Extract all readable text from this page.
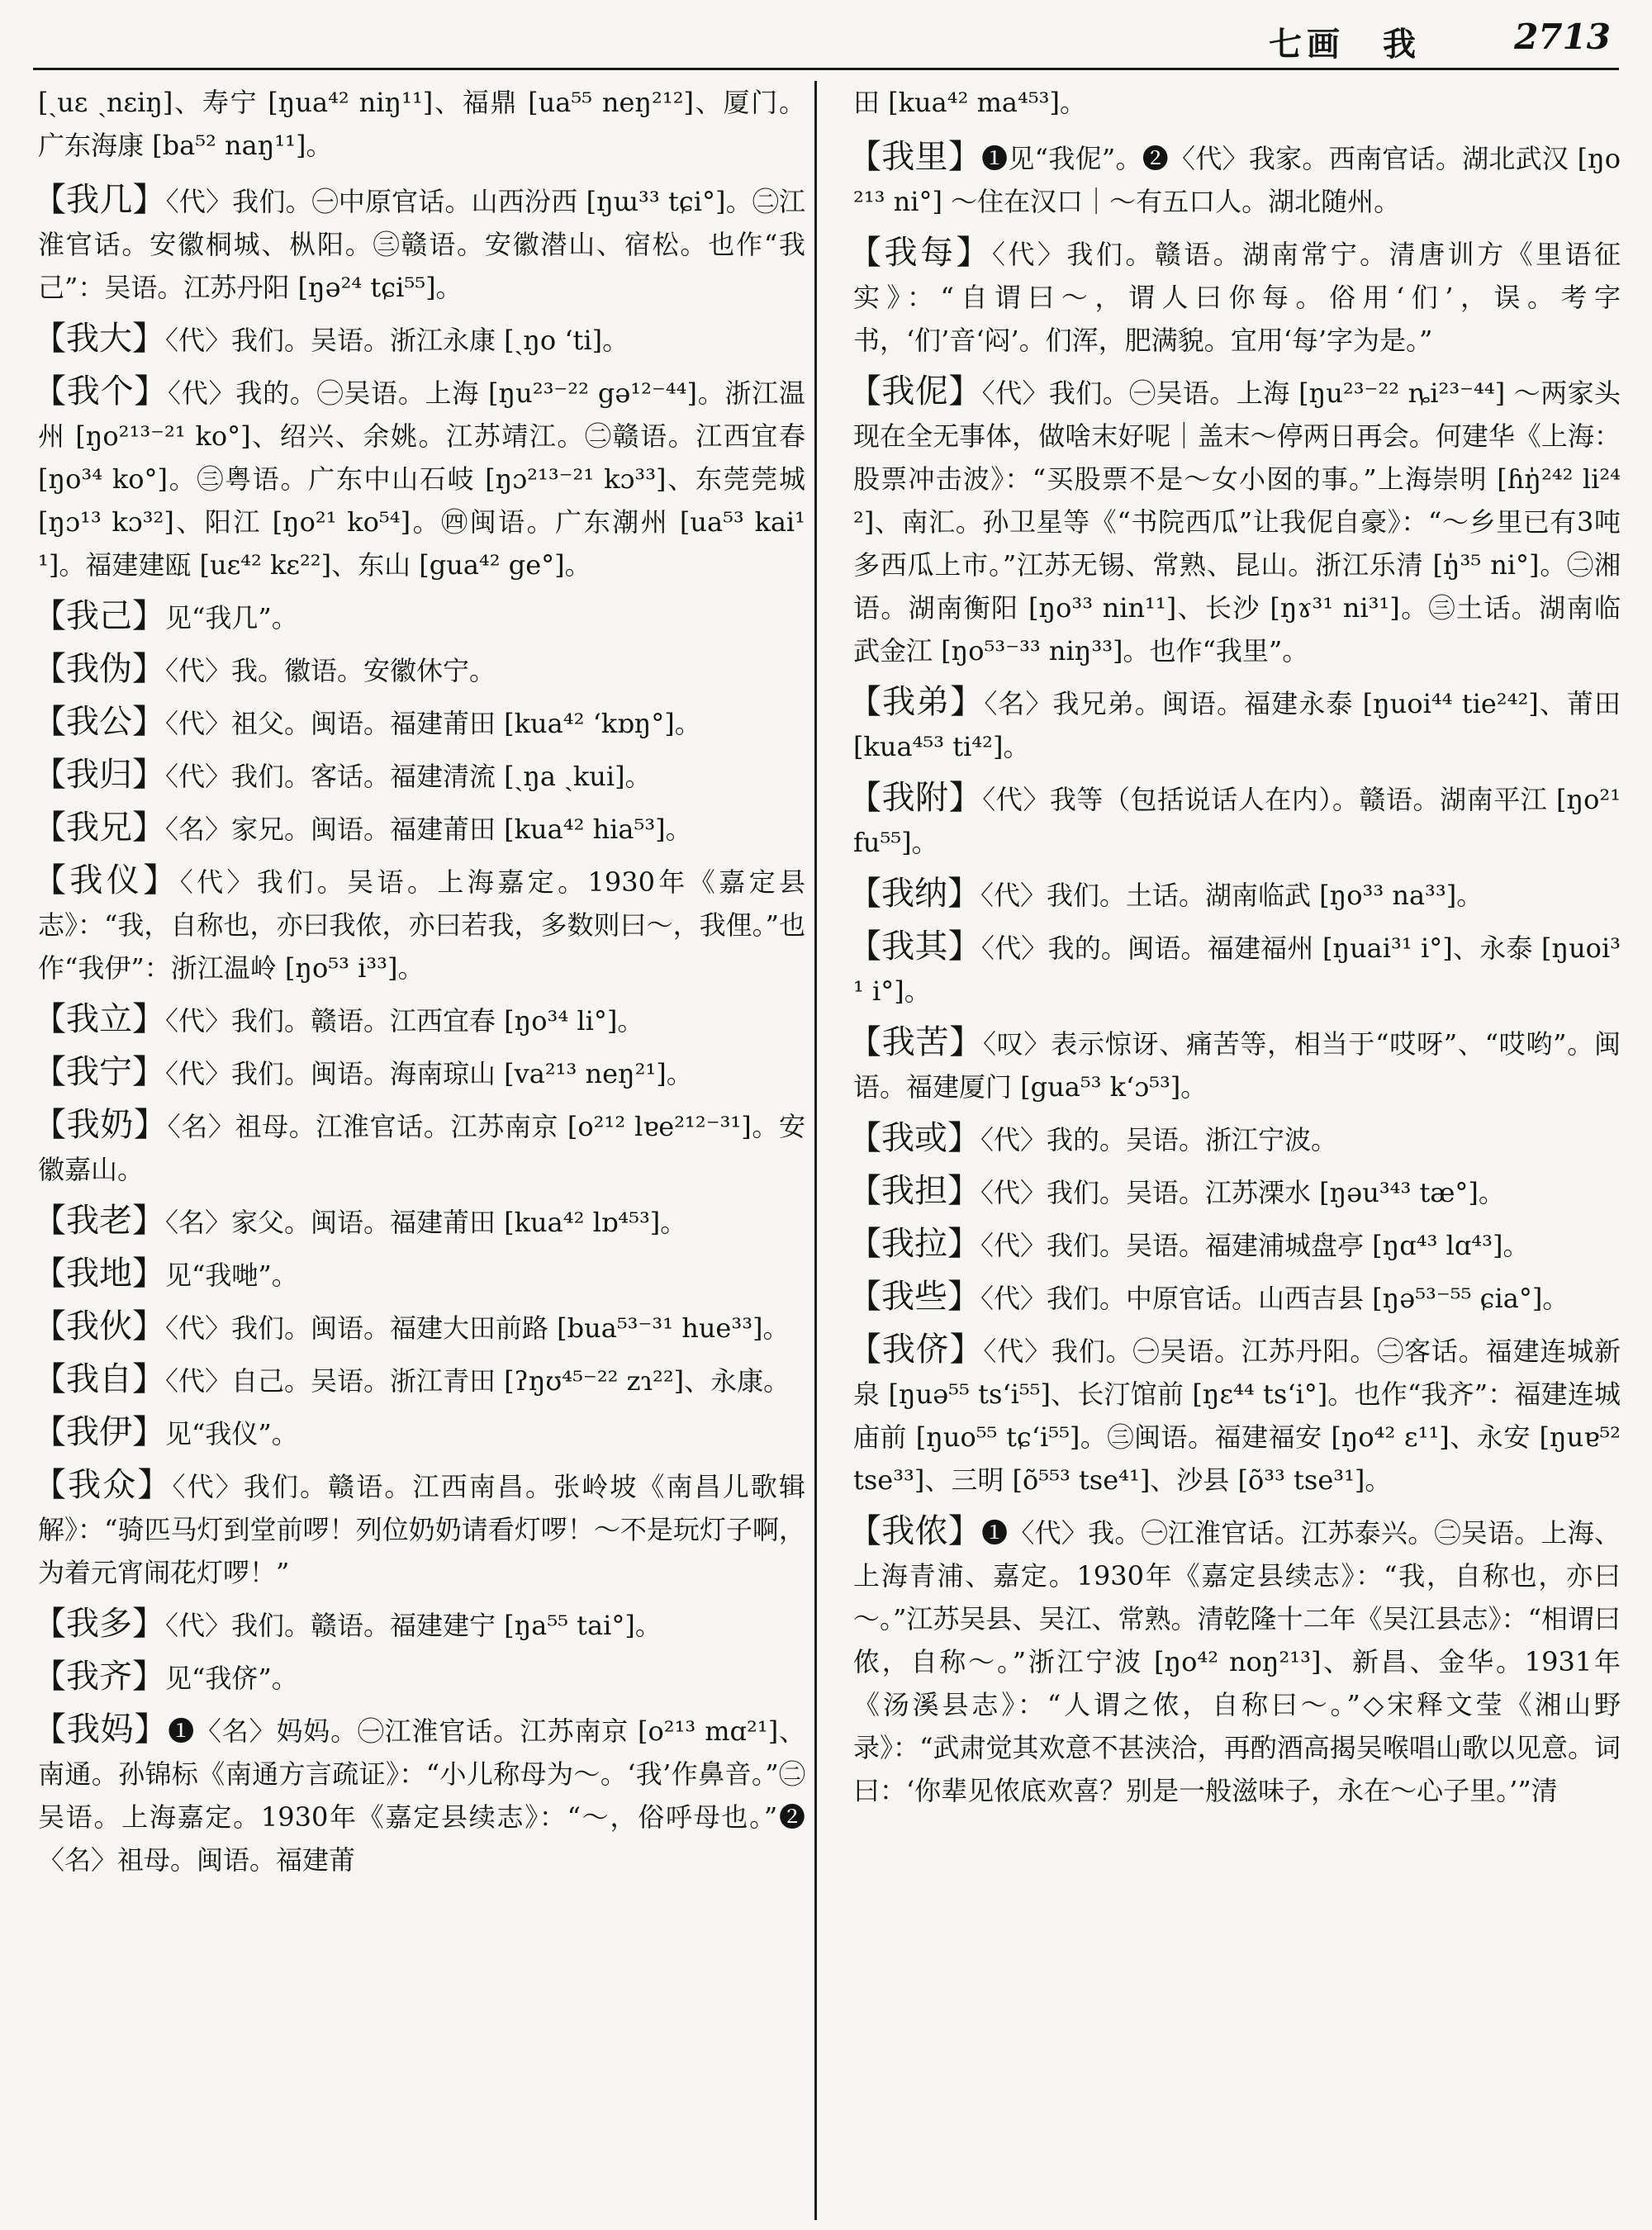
七画　我	2713

[ˏuɛ ˏnɛiŋ]、寿宁 [ŋua⁴² niŋ¹¹]、福鼎 [ua⁵⁵ neŋ²¹²]、厦门。广东海康 [ba⁵² naŋ¹¹]。

【 我几 】 〈代〉我们。㊀中原官话。山西汾西 [ŋɯ³³ tɕi°]。㊁江淮官话。安徽桐城、枞阳。㊂赣语。安徽潜山、宿松。也作“我己”：吴语。江苏丹阳 [ŋə²⁴ tɕi⁵⁵]。

【 我大 】 〈代〉我们。吴语。浙江永康 [ˏŋo ʻti]。

【 我个 】 〈代〉我的。㊀吴语。上海 [ŋu²³⁻²² gə¹²⁻⁴⁴]。浙江温州 [ŋo²¹³⁻²¹ ko°]、绍兴、余姚。江苏靖江。㊁赣语。江西宜春 [ŋo³⁴ ko°]。㊂粤语。广东中山石岐 [ŋɔ²¹³⁻²¹ kɔ³³]、东莞莞城 [ŋɔ¹³ kɔ³²]、阳江 [ŋo²¹ ko⁵⁴]。㊃闽语。广东潮州 [ua⁵³ kai¹¹]。福建建瓯 [uɛ⁴² kɛ²²]、东山 [gua⁴² ge°]。

【 我己 】 见“我几”。

【 我伪 】 〈代〉我。徽语。安徽休宁。

【 我公 】 〈代〉祖父。闽语。福建莆田 [kua⁴² ʻkɒŋ°]。

【 我归 】 〈代〉我们。客话。福建清流 [ˏŋa ˏkui]。

【 我兄 】 〈名〉家兄。闽语。福建莆田 [kua⁴² hia⁵³]。

【 我仪 】 〈代〉我们。吴语。上海嘉定。1930年《嘉定县志》：“我，自称也，亦曰我侬，亦曰若我，多数则曰～，我俚。”也作“我伊”：浙江温岭 [ŋo⁵³ i³³]。

【 我立 】 〈代〉我们。赣语。江西宜春 [ŋo³⁴ li°]。

【 我宁 】 〈代〉我们。闽语。海南琼山 [va²¹³ neŋ²¹]。

【 我奶 】 〈名〉祖母。江淮官话。江苏南京 [o²¹² lɐe²¹²⁻³¹]。安徽嘉山。

【 我老 】 〈名〉家父。闽语。福建莆田 [kua⁴² lɒ⁴⁵³]。

【 我地 】 见“我哋”。

【 我伙 】 〈代〉我们。闽语。福建大田前路 [bua⁵³⁻³¹ hue³³]。

【 我自 】 〈代〉自己。吴语。浙江青田 [ʔŋʊ⁴⁵⁻²² zɿ²²]、永康。

【 我伊 】 见“我仪”。

【 我众 】 〈代〉我们。赣语。江西南昌。张岭坡《南昌儿歌辑解》：“骑匹马灯到堂前啰！列位奶奶请看灯啰！～不是玩灯子啊，为着元宵闹花灯啰！”

【 我多 】 〈代〉我们。赣语。福建建宁 [ŋa⁵⁵ tai°]。

【 我齐 】 见“我侪”。

【 我妈 】 ❶〈名〉妈妈。㊀江淮官话。江苏南京 [o²¹³ mɑ²¹]、南通。孙锦标《南通方言疏证》：“小儿称母为～。‘我’作鼻音。”㊁吴语。上海嘉定。1930年《嘉定县续志》：“～，俗呼母也。”❷〈名〉祖母。闽语。福建莆

田 [kua⁴² ma⁴⁵³]。

【 我里 】 ❶见“我伲”。❷〈代〉我家。西南官话。湖北武汉 [ŋo²¹³ ni°] ～住在汉口｜～有五口人。湖北随州。

【 我每 】 〈代〉我们。赣语。湖南常宁。清唐训方《里语征实》：“自谓曰～，谓人曰你每。俗用‘们’，误。考字书，‘们’音‘闷’。们浑，肥满貌。宜用‘每’字为是。”

【 我伲 】 〈代〉我们。㊀吴语。上海 [ŋu²³⁻²² ȵi²³⁻⁴⁴] ～两家头现在全无事体，做啥末好呢｜盖末～停两日再会。何建华《上海：股票冲击波》：“买股票不是～女小囡的事。”上海崇明 [ɦŋ̍²⁴² li²⁴²]、南汇。孙卫星等《“书院西瓜”让我伲自豪》：“～乡里已有3吨多西瓜上市。”江苏无锡、常熟、昆山。浙江乐清 [ŋ̍³⁵ ni°]。㊁湘语。湖南衡阳 [ŋo³³ nin¹¹]、长沙 [ŋɤ³¹ ni³¹]。㊂土话。湖南临武金江 [ŋo⁵³⁻³³ niŋ³³]。也作“我里”。

【 我弟 】 〈名〉我兄弟。闽语。福建永泰 [ŋuoi⁴⁴ tie²⁴²]、莆田 [kua⁴⁵³ ti⁴²]。

【 我附 】 〈代〉我等（包括说话人在内）。赣语。湖南平江 [ŋo²¹ fu⁵⁵]。

【 我纳 】 〈代〉我们。土话。湖南临武 [ŋo³³ na³³]。

【 我其 】 〈代〉我的。闽语。福建福州 [ŋuai³¹ i°]、永泰 [ŋuoi³¹ i°]。

【 我苦 】 〈叹〉表示惊讶、痛苦等，相当于“哎呀”、“哎哟”。闽语。福建厦门 [gua⁵³ kʻɔ⁵³]。

【 我或 】 〈代〉我的。吴语。浙江宁波。

【 我担 】 〈代〉我们。吴语。江苏溧水 [ŋəu³⁴³ tæ°]。

【 我拉 】 〈代〉我们。吴语。福建浦城盘亭 [ŋɑ⁴³ lɑ⁴³]。

【 我些 】 〈代〉我们。中原官话。山西吉县 [ŋə⁵³⁻⁵⁵ ɕia°]。

【 我侪 】 〈代〉我们。㊀吴语。江苏丹阳。㊁客话。福建连城新泉 [ŋuə⁵⁵ tsʻi⁵⁵]、长汀馆前 [ŋɛ⁴⁴ tsʻi°]。也作“我齐”：福建连城庙前 [ŋuo⁵⁵ tɕʻi⁵⁵]。㊂闽语。福建福安 [ŋo⁴² ɛ¹¹]、永安 [ŋuɐ⁵² tse³³]、三明 [õ⁵⁵³ tse⁴¹]、沙县 [õ³³ tse³¹]。

【 我侬 】 ❶〈代〉我。㊀江淮官话。江苏泰兴。㊁吴语。上海、上海青浦、嘉定。1930年《嘉定县续志》：“我，自称也，亦曰～。”江苏吴县、吴江、常熟。清乾隆十二年《吴江县志》：“相谓曰侬，自称～。”浙江宁波 [ŋo⁴² noŋ²¹³]、新昌、金华。1931年《汤溪县志》：“人谓之侬，自称曰～。”◇宋释文莹《湘山野录》：“武肃觉其欢意不甚浃洽，再酌酒高揭吴喉唱山歌以见意。词曰：‘你辈见侬底欢喜？别是一般滋味子，永在～心子里。’”清
